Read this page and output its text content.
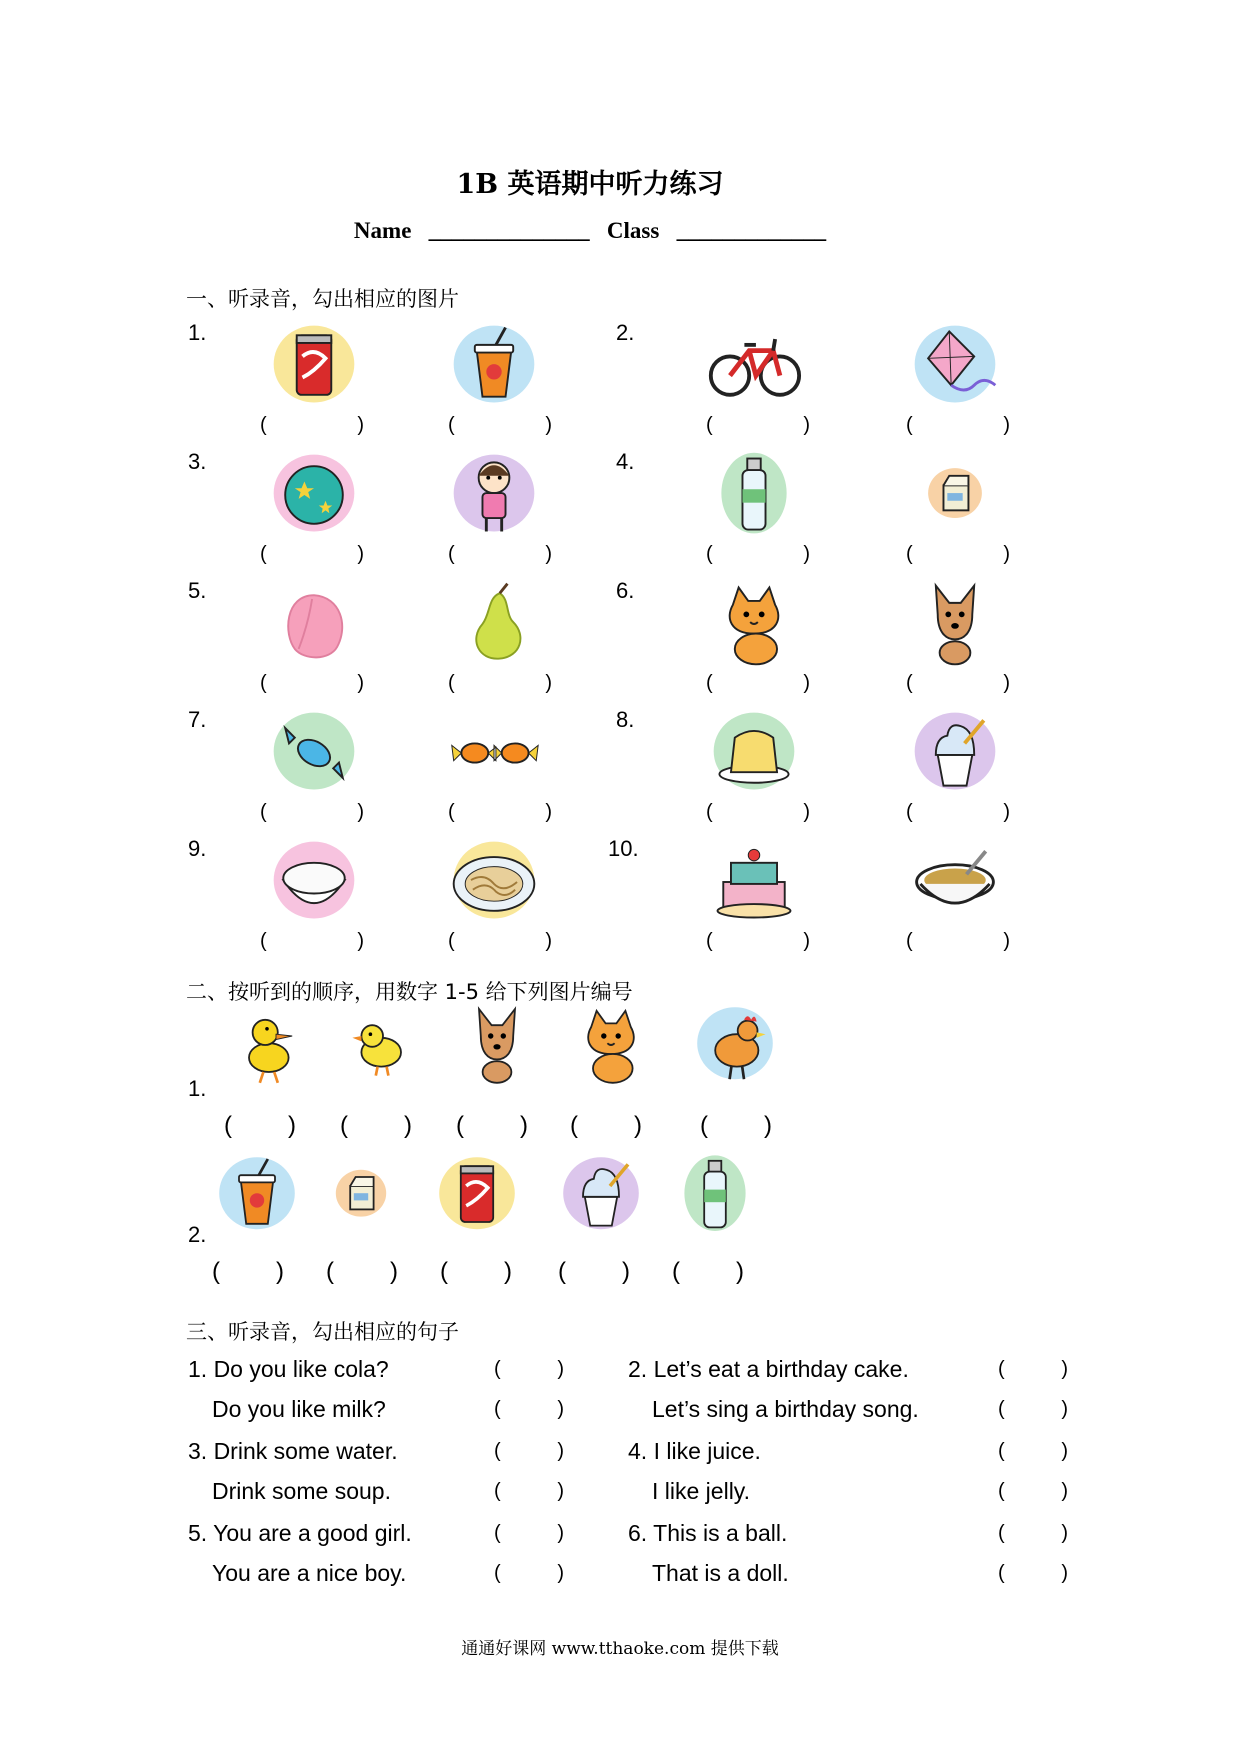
1B 英语期中听力练习
Name ______________ Class _____________
一、听录音，勾出相应的图片
1.
(	)	(	)
2.
(	)	(	)
3.
(	)	(	)
4.
(	)	(	)
5.
(	)	(	)
6.
(	)	(	)
7.
(	)	(	)
8.
(	)	(	)
9.
(	)	(	)
10.
(	)	(	)
二、按听到的顺序，用数字 1-5 给下列图片编号
1.
( ) ( ) ( ) ( ) ( )
2.
( ) ( ) ( ) ( ) ( )
三、听录音，勾出相应的句子
1. Do you like cola?	(	)
Do you like milk?	(	)
3. Drink some water.	(	)
Drink some soup.	(	)
5. You are a good girl.	(	)
You are a nice boy.	(	)
2. Let’s eat a birthday cake.	(	)
Let’s sing a birthday song.	(	)
4. I like juice.	(	)
I like jelly.	(	)
6. This is a ball.	(	)
That is a doll.	(	)
通通好课网 www.tthaoke.com 提供下载
